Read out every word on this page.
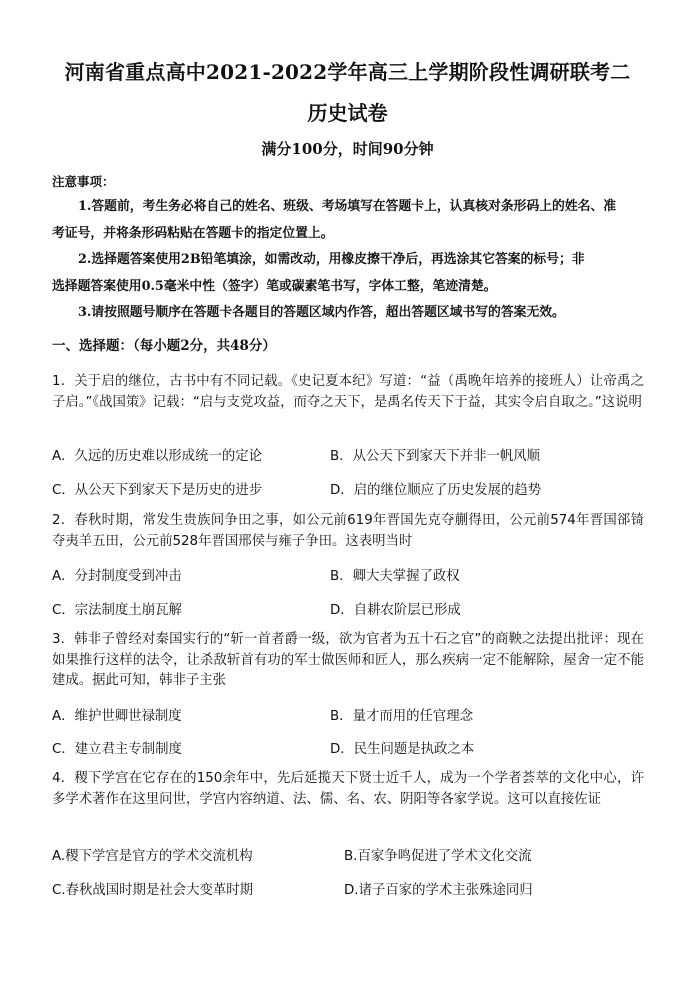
河南省重点高中2021-2022学年高三上学期阶段性调研联考二
历史试卷
满分100分，时间90分钟
注意事项：
1.答题前，考生务必将自己的姓名、班级、考场填写在答题卡上，认真核对条形码上的姓名、准
考证号，并将条形码粘贴在答题卡的指定位置上。
2.选择题答案使用2B铅笔填涂，如需改动，用橡皮擦干净后，再选涂其它答案的标号；非
选择题答案使用0.5毫米中性（签字）笔或碳素笔书写，字体工整，笔迹清楚。
3.请按照题号顺序在答题卡各题目的答题区域内作答，超出答题区域书写的答案无效。
一、选择题：（每小题2分，共48分）
1．关于启的继位，古书中有不同记载。《史记夏本纪》写道：“益（禹晚年培养的接班人）让帝禹之子启。”《战国策》记载：“启与支党攻益，而夺之天下，是禹名传天下于益，其实令启自取之。”这说明
A．久远的历史难以形成统一的定论	B．从公天下到家天下并非一帆风顺
C．从公天下到家天下是历史的进步	D．启的继位顺应了历史发展的趋势
2．春秋时期，常发生贵族间争田之事，如公元前619年晋国先克夺蒯得田，公元前574年晋国郤锜夺夷羊五田，公元前528年晋国邢侯与雍子争田。这表明当时
A．分封制度受到冲击	B．卿大夫掌握了政权
C．宗法制度土崩瓦解	D．自耕农阶层已形成
3．韩非子曾经对秦国实行的“斩一首者爵一级，欲为官者为五十石之官”的商鞅之法提出批评：现在如果推行这样的法令，让杀敌斩首有功的军士做医师和匠人，那么疾病一定不能解除，屋舍一定不能建成。据此可知，韩非子主张
A．维护世卿世禄制度	B．量才而用的任官理念
C．建立君主专制制度	D．民生问题是执政之本
4．稷下学宫在它存在的150余年中，先后延揽天下贤士近千人，成为一个学者荟萃的文化中心，许多学术著作在这里问世，学宫内容纳道、法、儒、名、农、阴阳等各家学说。这可以直接佐证
A.稷下学宫是官方的学术交流机构	B.百家争鸣促进了学术文化交流
C.春秋战国时期是社会大变革时期	D.诸子百家的学术主张殊途同归
